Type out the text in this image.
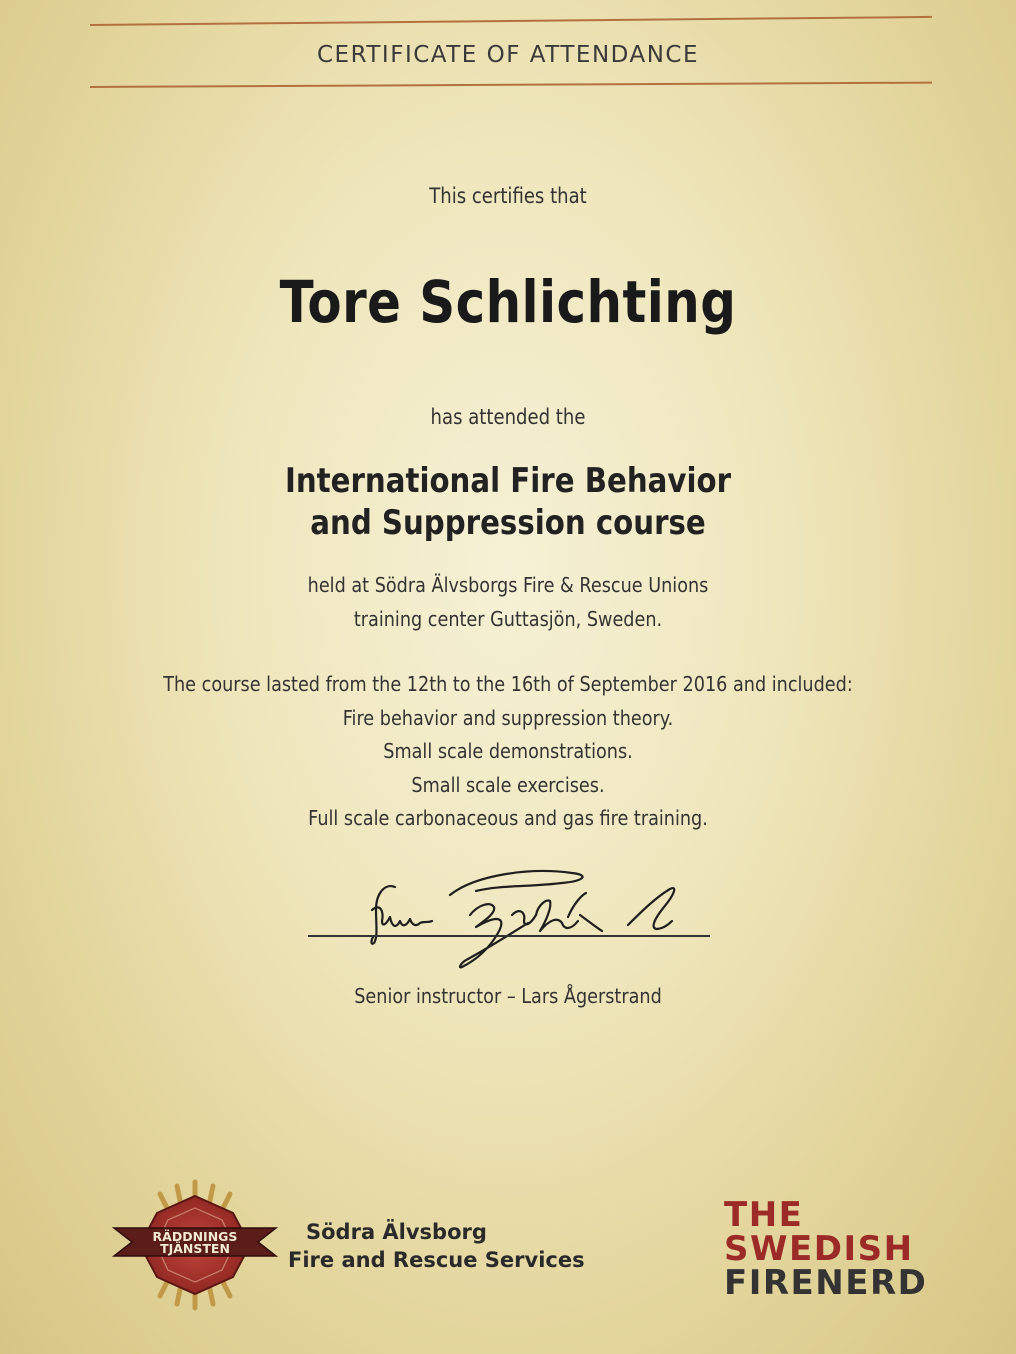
CERTIFICATE OF ATTENDANCE
This certifies that
Tore Schlichting
has attended the
International Fire Behavior
and Suppression course
held at Södra Älvsborgs Fire & Rescue Unions
training center Guttasjön, Sweden.
The course lasted from the 12th to the 16th of September 2016 and included:
Fire behavior and suppression theory.
Small scale demonstrations.
Small scale exercises.
Full scale carbonaceous and gas fire training.
Senior instructor – Lars Ågerstrand
RÄDDNINGS
TJÄNSTEN
Södra Älvsborg
Fire and Rescue Services
THE
SWEDISH
FIRENERD
